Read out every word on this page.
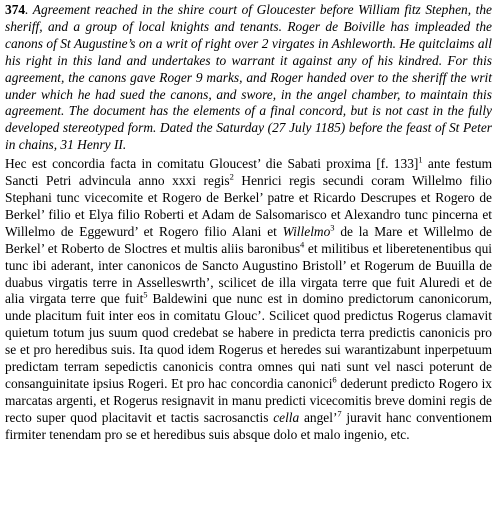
374. Agreement reached in the shire court of Gloucester before William fitz Stephen, the sheriff, and a group of local knights and tenants. Roger de Boiville has impleaded the canons of St Augustine’s on a writ of right over 2 virgates in Ashleworth. He quitclaims all his right in this land and undertakes to warrant it against any of his kindred. For this agreement, the canons gave Roger 9 marks, and Roger handed over to the sheriff the writ under which he had sued the canons, and swore, in the angel chamber, to maintain this agreement. The document has the elements of a final concord, but is not cast in the fully developed stereotyped form. Dated the Saturday (27 July 1185) before the feast of St Peter in chains, 31 Henry II.

Hec est concordia facta in comitatu Gloucest’ die Sabati proxima [f. 133]$^1$ ante festum Sancti Petri advincula anno xxxi regis$^2$ Henrici regis secundi coram Willelmo filio Stephani tunc vicecomite et Rogero de Berkel’ patre et Ricardo Descrupes et Rogero de Berkel’ filio et Elya filio Roberti et Adam de Salsomarisco et Alexandro tunc pincerna et Willelmo de Eggewurd’ et Rogero filio Alani et Willelmo$^3$ de la Mare et Willelmo de Berkel’ et Roberto de Sloctres et multis aliis baronibus$^4$ et militibus et liberetenentibus qui tunc ibi aderant, inter canonicos de Sancto Augustino Bristoll’ et Rogerum de Buuilla de duabus virgatis terre in Asselleswrth’, scilicet de illa virgata terre que fuit Aluredi et de alia virgata terre que fuit$^5$ Baldewini que nunc est in domino predictorum canonicorum, unde placitum fuit inter eos in comitatu Glouc’. Scilicet quod predictus Rogerus clamavit quietum totum jus suum quod credebat se habere in predicta terra predictis canonicis pro se et pro heredibus suis. Ita quod idem Rogerus et heredes sui warantizabunt inperpetuum predictam terram sepedictis canonicis contra omnes qui nati sunt vel nasci poterunt de consanguinitate ipsius Rogeri. Et pro hac concordia canonici$^6$ dederunt predicto Rogero ix marcatas argenti, et Rogerus resignavit in manu predicti vicecomitis breve domini regis de recto super quod placitavit et tactis sacrosanctis cella angel’$^7$ juravit hanc conventionem firmiter tenendam pro se et heredibus suis absque dolo et malo ingenio, etc.
